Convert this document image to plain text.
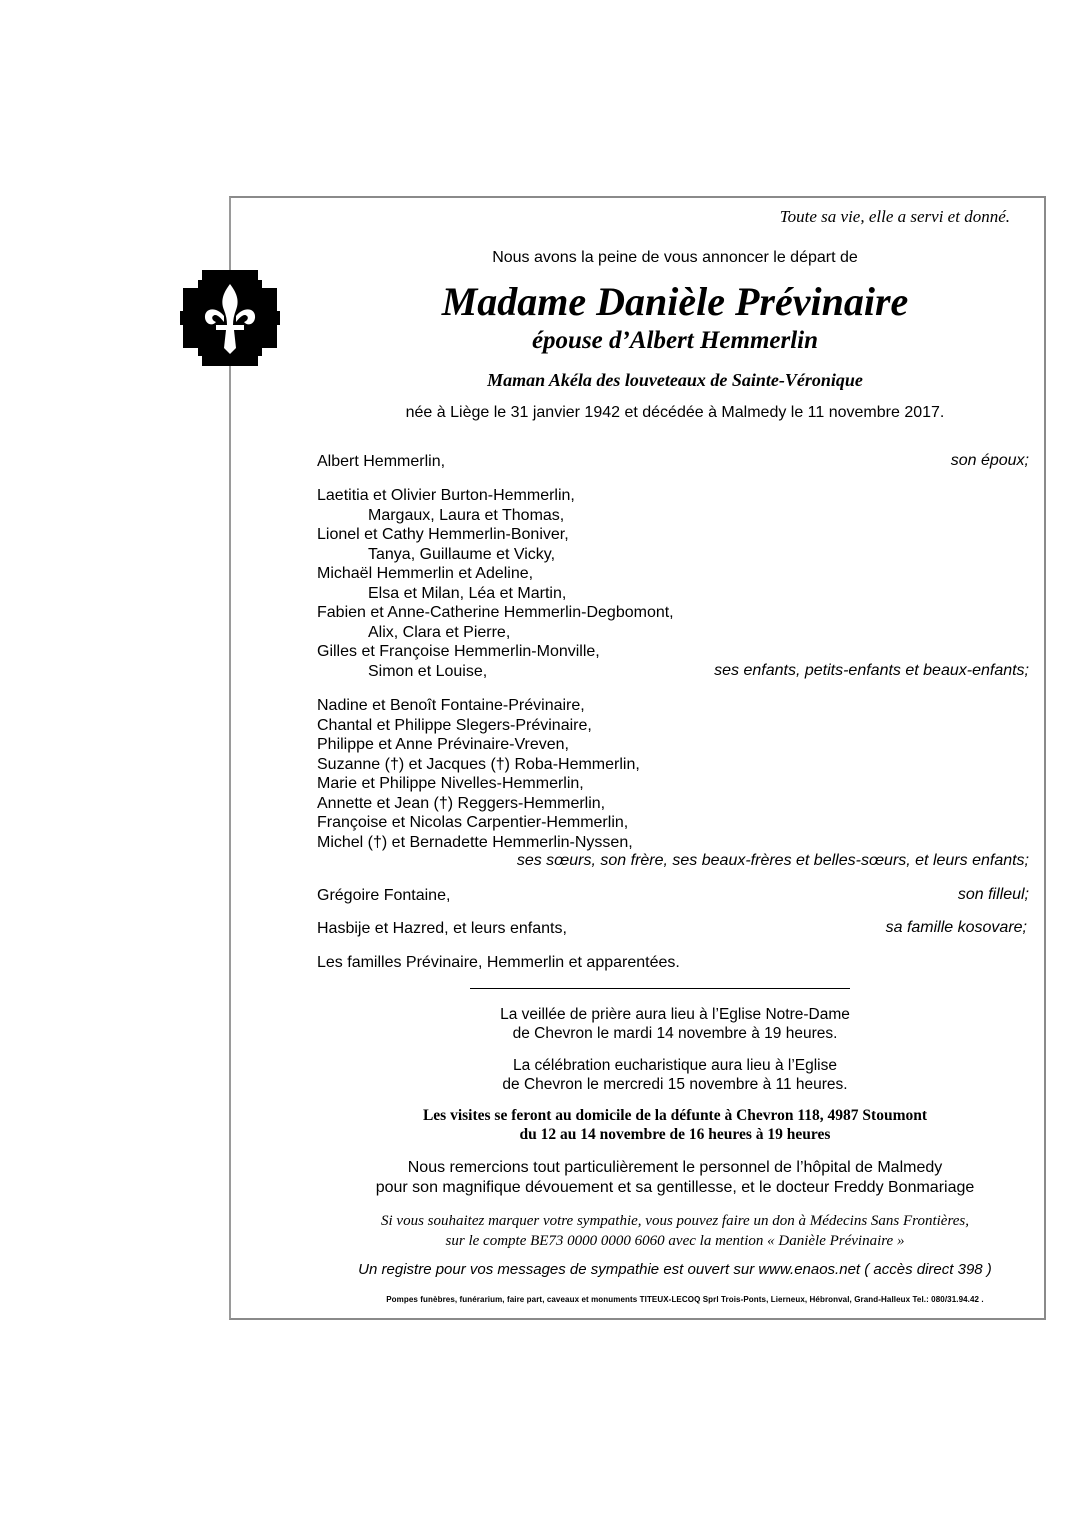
Toute sa vie, elle a servi et donné.
Nous avons la peine de vous annoncer le départ de
Madame Danièle Prévinaire
épouse d’Albert Hemmerlin
Maman Akéla des louveteaux de Sainte-Véronique
née à Liège le 31 janvier 1942 et décédée à Malmedy le 11 novembre 2017.
Albert Hemmerlin,	son époux;
Laetitia et Olivier Burton-Hemmerlin,
Margaux, Laura et Thomas,
Lionel et Cathy Hemmerlin-Boniver,
Tanya, Guillaume et Vicky,
Michaël Hemmerlin et Adeline,
Elsa et Milan, Léa et Martin,
Fabien et Anne-Catherine Hemmerlin-Degbomont,
Alix, Clara et Pierre,
Gilles et Françoise Hemmerlin-Monville,
Simon et Louise,	ses enfants, petits-enfants et beaux-enfants;
Nadine et Benoît Fontaine-Prévinaire,
Chantal et Philippe Slegers-Prévinaire,
Philippe et Anne Prévinaire-Vreven,
Suzanne (†) et Jacques (†) Roba-Hemmerlin,
Marie et Philippe Nivelles-Hemmerlin,
Annette et Jean (†) Reggers-Hemmerlin,
Françoise et Nicolas Carpentier-Hemmerlin,
Michel (†) et Bernadette Hemmerlin-Nyssen,
ses sœurs, son frère, ses beaux-frères et belles-sœurs, et leurs enfants;
Grégoire Fontaine,	son filleul;
Hasbije et Hazred, et leurs enfants,	sa famille kosovare;
Les familles Prévinaire, Hemmerlin et apparentées.
La veillée de prière aura lieu à l’Eglise Notre-Dame
de Chevron le mardi 14 novembre à 19 heures.
La célébration eucharistique aura lieu à l’Eglise
de Chevron le mercredi 15 novembre à 11 heures.
Les visites se feront au domicile de la défunte à Chevron 118, 4987 Stoumont
du 12 au 14 novembre de 16 heures à 19 heures
Nous remercions tout particulièrement le personnel de l’hôpital de Malmedy
pour son magnifique dévouement et sa gentillesse, et le docteur Freddy Bonmariage
Si vous souhaitez marquer votre sympathie, vous pouvez faire un don à Médecins Sans Frontières,
sur le compte BE73 0000 0000 6060 avec la mention « Danièle Prévinaire »
Un registre pour vos messages de sympathie est ouvert sur www.enaos.net ( accès direct 398 )
Pompes funèbres, funérarium, faire part, caveaux et monuments TITEUX-LECOQ Sprl Trois-Ponts, Lierneux, Hébronval, Grand-Halleux Tel.: 080/31.94.42 .
